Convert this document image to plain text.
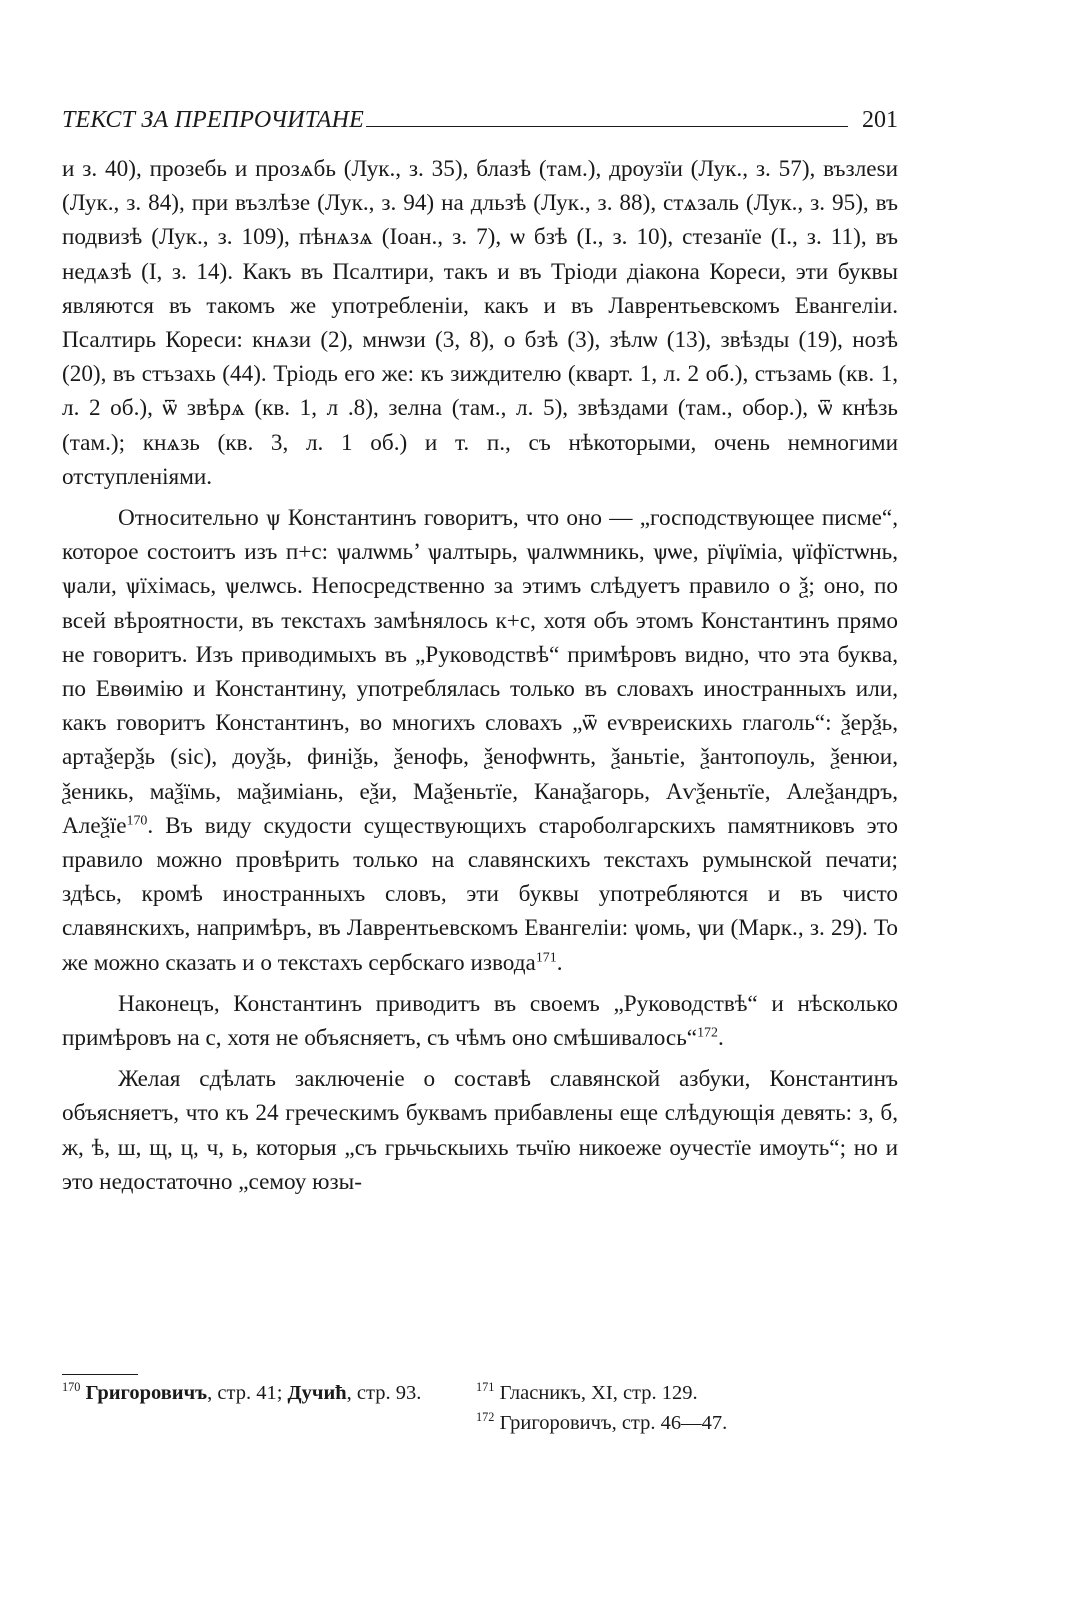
ТЕКСТ ЗА ПРЕПРОЧИТАНЕ	201

и з. 40), прозебь и прозѧбь (Лук., з. 35), блазѣ (там.), дроузїи (Лук., з. 57), възлеѕи (Лук., з. 84), при възлѣзе (Лук., з. 94) на дльзѣ (Лук., з. 88), стѧзаль (Лук., з. 95), въ подвизѣ (Лук., з. 109), пѣнѧзѧ (Іоан., з. 7), ѡ бзѣ (I., з. 10), стезанїе (I., з. 11), въ недѧзѣ (I, з. 14). Какъ въ Псалтири, такъ и въ Тріоди діакона Кореси, эти буквы являются въ такомъ же употребленіи, какъ и въ Лаврентьевскомъ Евангеліи. Псалтирь Кореси: кнѧзи (2), мнѡзи (3, 8), о бзѣ (3), зѣлѡ (13), звѣзды (19), нозѣ (20), въ стъзахь (44). Тріодь его же: къ зиждителю (кварт. 1, л. 2 об.), стъзамь (кв. 1, л. 2 об.), ѿ звѣрѧ (кв. 1, л .8), зелна (там., л. 5), звѣздами (там., обор.), ѿ кнѣзь (там.); кнѧзь (кв. 3, л. 1 об.) и т. п., съ нѣкоторыми, очень немногими отступленіями.

Относительно ѱ Константинъ говоритъ, что оно — „господствующее писме“, которое состоитъ изъ п+с: ѱалѡмь’ ѱалтырь, ѱалѡмникь, ѱѡе, рїѱїміа, ѱїфїстѡнь, ѱали, ѱїхімась, ѱелѡсь. Непосредственно за этимъ слѣдуетъ правило о ѯ; оно, по всей вѣроятности, въ текстахъ замѣнялось к+с, хотя объ этомъ Константинъ прямо не говоритъ. Изъ приводимыхъ въ „Руководствѣ“ примѣровъ видно, что эта буква, по Евѳимію и Константину, употреблялась только въ словахъ иностранныхъ или, какъ говоритъ Константинъ, во многихъ словахъ „ѿ еѵвреискихь глаголь“: ѯерѯь, артаѯерѯь (sic), доуѯь, финіѯь, ѯенофь, ѯенофѡнть, ѯаньтіе, ѯантопоуль, ѯенюи, ѯеникь, маѯїмь, маѯиміань, еѯи, Маѯеньтїе, Канаѯагорь, Аѵѯеньтїе, Алеѯандръ, Алеѯїе$^{170}$. Въ виду скудости существующихъ староболгарскихъ памятниковъ это правило можно провѣрить только на славянскихъ текстахъ румынской печати; здѣсь, кромѣ иностранныхъ словъ, эти буквы употребляются и въ чисто славянскихъ, напримѣръ, въ Лаврентьевскомъ Евангеліи: ѱомь, ѱи (Марк., з. 29). То же можно сказать и о текстахъ сербскаго извода$^{171}$.

Наконецъ, Константинъ приводитъ въ своемъ „Руководствѣ“ и нѣсколько примѣровъ на с, хотя не объясняетъ, съ чѣмъ оно смѣшивалось“$^{172}$.

Желая сдѣлать заключеніе о составѣ славянской азбуки, Константинъ объясняетъ, что къ 24 греческимъ буквамъ прибавлены еще слѣдующія девять: з, б, ж, ѣ, ш, щ, ц, ч, ь, которыя „съ грьчьскыихь тьчїю никоеже оучестїе имоуть“; но и это недостаточно „семоу юзы-

$^{170}$ Григоровичъ, стр. 41; Дучић, стр. 93.	$^{171}$ Гласникъ, XI, стр. 129.

$^{172}$ Григоровичъ, стр. 46—47.
